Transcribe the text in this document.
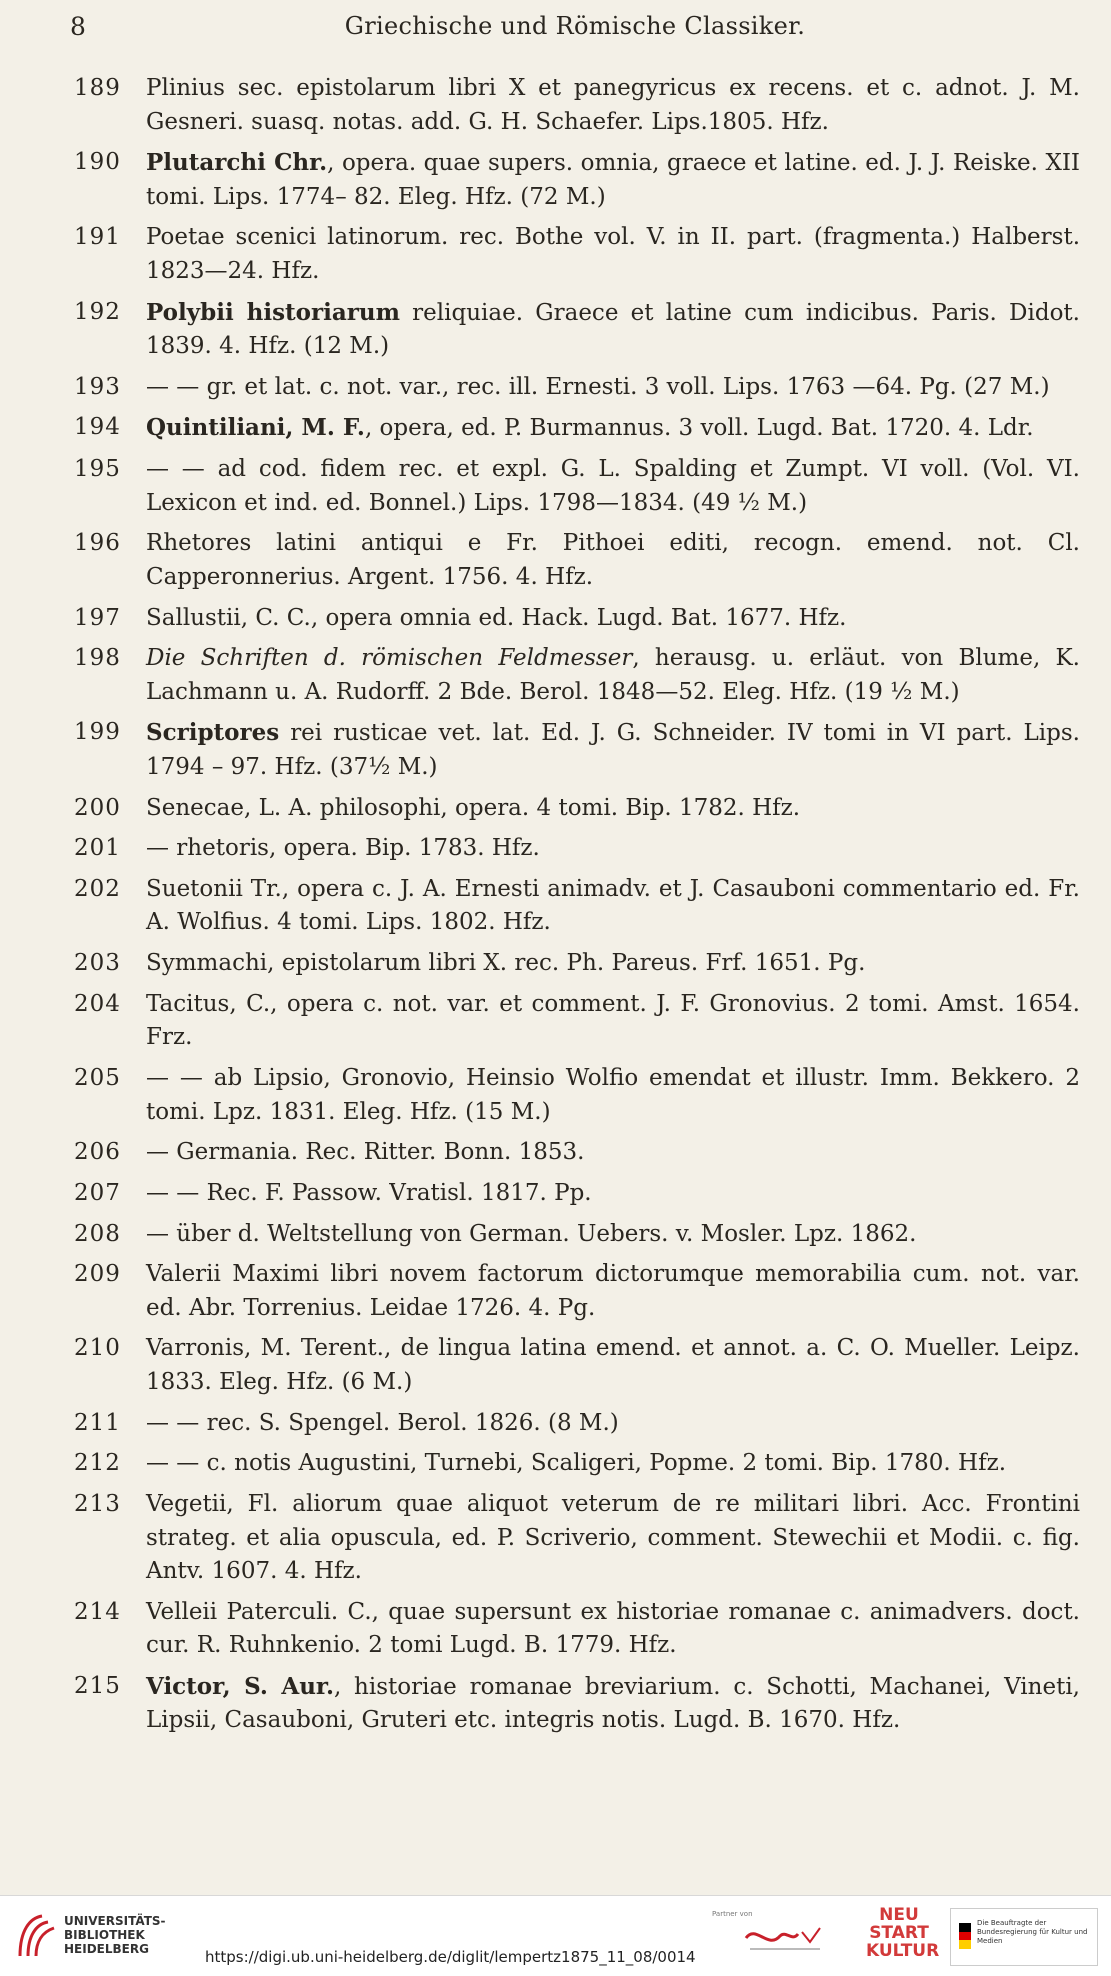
8	Griechische und Römische Classiker.
189	Plinius sec. epistolarum libri X et panegyricus ex recens. et c. adnot. J. M. Gesneri. suasq. notas. add. G. H. Schaefer. Lips.1805. Hfz.
190	Plutarchi Chr., opera. quae supers. omnia, graece et latine. ed. J. J. Reiske. XII tomi. Lips. 1774– 82. Eleg. Hfz. (72 M.)
191	Poetae scenici latinorum. rec. Bothe vol. V. in II. part. (fragmenta.) Halberst. 1823—24. Hfz.
192	Polybii historiarum reliquiae. Graece et latine cum indicibus. Paris. Didot. 1839. 4. Hfz. (12 M.)
193	— — gr. et lat. c. not. var., rec. ill. Ernesti. 3 voll. Lips. 1763 —64. Pg. (27 M.)
194	Quintiliani, M. F., opera, ed. P. Burmannus. 3 voll. Lugd. Bat. 1720. 4. Ldr.
195	— — ad cod. fidem rec. et expl. G. L. Spalding et Zumpt. VI voll. (Vol. VI. Lexicon et ind. ed. Bonnel.) Lips. 1798—1834. (49 ½ M.)
196	Rhetores latini antiqui e Fr. Pithoei editi, recogn. emend. not. Cl. Capperonnerius. Argent. 1756. 4. Hfz.
197	Sallustii, C. C., opera omnia ed. Hack. Lugd. Bat. 1677. Hfz.
198	Die Schriften d. römischen Feldmesser, herausg. u. erläut. von Blume, K. Lachmann u. A. Rudorff. 2 Bde. Berol. 1848—52. Eleg. Hfz. (19 ½ M.)
199	Scriptores rei rusticae vet. lat. Ed. J. G. Schneider. IV tomi in VI part. Lips. 1794 – 97. Hfz. (37½ M.)
200	Senecae, L. A. philosophi, opera. 4 tomi. Bip. 1782. Hfz.
201	— rhetoris, opera. Bip. 1783. Hfz.
202	Suetonii Tr., opera c. J. A. Ernesti animadv. et J. Casauboni commentario ed. Fr. A. Wolfius. 4 tomi. Lips. 1802. Hfz.
203	Symmachi, epistolarum libri X. rec. Ph. Pareus. Frf. 1651. Pg.
204	Tacitus, C., opera c. not. var. et comment. J. F. Gronovius. 2 tomi. Amst. 1654. Frz.
205	— — ab Lipsio, Gronovio, Heinsio Wolfio emendat et illustr. Imm. Bekkero. 2 tomi. Lpz. 1831. Eleg. Hfz. (15 M.)
206	— Germania. Rec. Ritter. Bonn. 1853.
207	— — Rec. F. Passow. Vratisl. 1817. Pp.
208	— über d. Weltstellung von German. Uebers. v. Mosler. Lpz. 1862.
209	Valerii Maximi libri novem factorum dictorumque memorabilia cum. not. var. ed. Abr. Torrenius. Leidae 1726. 4. Pg.
210	Varronis, M. Terent., de lingua latina emend. et annot. a. C. O. Mueller. Leipz. 1833. Eleg. Hfz. (6 M.)
211	— — rec. S. Spengel. Berol. 1826. (8 M.)
212	— — c. notis Augustini, Turnebi, Scaligeri, Popme. 2 tomi. Bip. 1780. Hfz.
213	Vegetii, Fl. aliorum quae aliquot veterum de re militari libri. Acc. Frontini strateg. et alia opuscula, ed. P. Scriverio, comment. Stewechii et Modii. c. fig. Antv. 1607. 4. Hfz.
214	Velleii Paterculi. C., quae supersunt ex historiae romanae c. animadvers. doct. cur. R. Ruhnkenio. 2 tomi Lugd. B. 1779. Hfz.
215	Victor, S. Aur., historiae romanae breviarium. c. Schotti, Machanei, Vineti, Lipsii, Casauboni, Gruteri etc. integris notis. Lugd. B. 1670. Hfz.
UNIVERSITÄTS-
BIBLIOTHEK
HEIDELBERG	https://digi.ub.uni-heidelberg.de/diglit/lempertz1875_11_08/0014
Partner von	NEU
START
KULTUR
Die Beauftragte der Bundesregierung für Kultur und Medien
